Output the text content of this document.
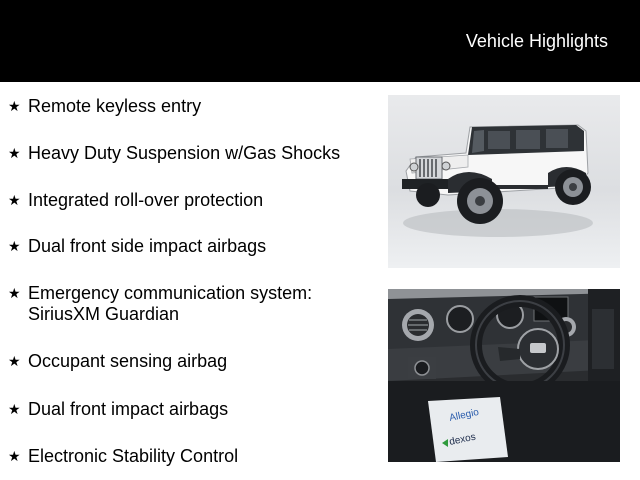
Vehicle Highlights
★ Remote keyless entry
★ Heavy Duty Suspension w/Gas Shocks
★ Integrated roll-over protection
★ Dual front side impact airbags
★ Emergency communication system: SiriusXM Guardian
★ Occupant sensing airbag
★ Dual front impact airbags
★ Electronic Stability Control
Allegio
dexos
